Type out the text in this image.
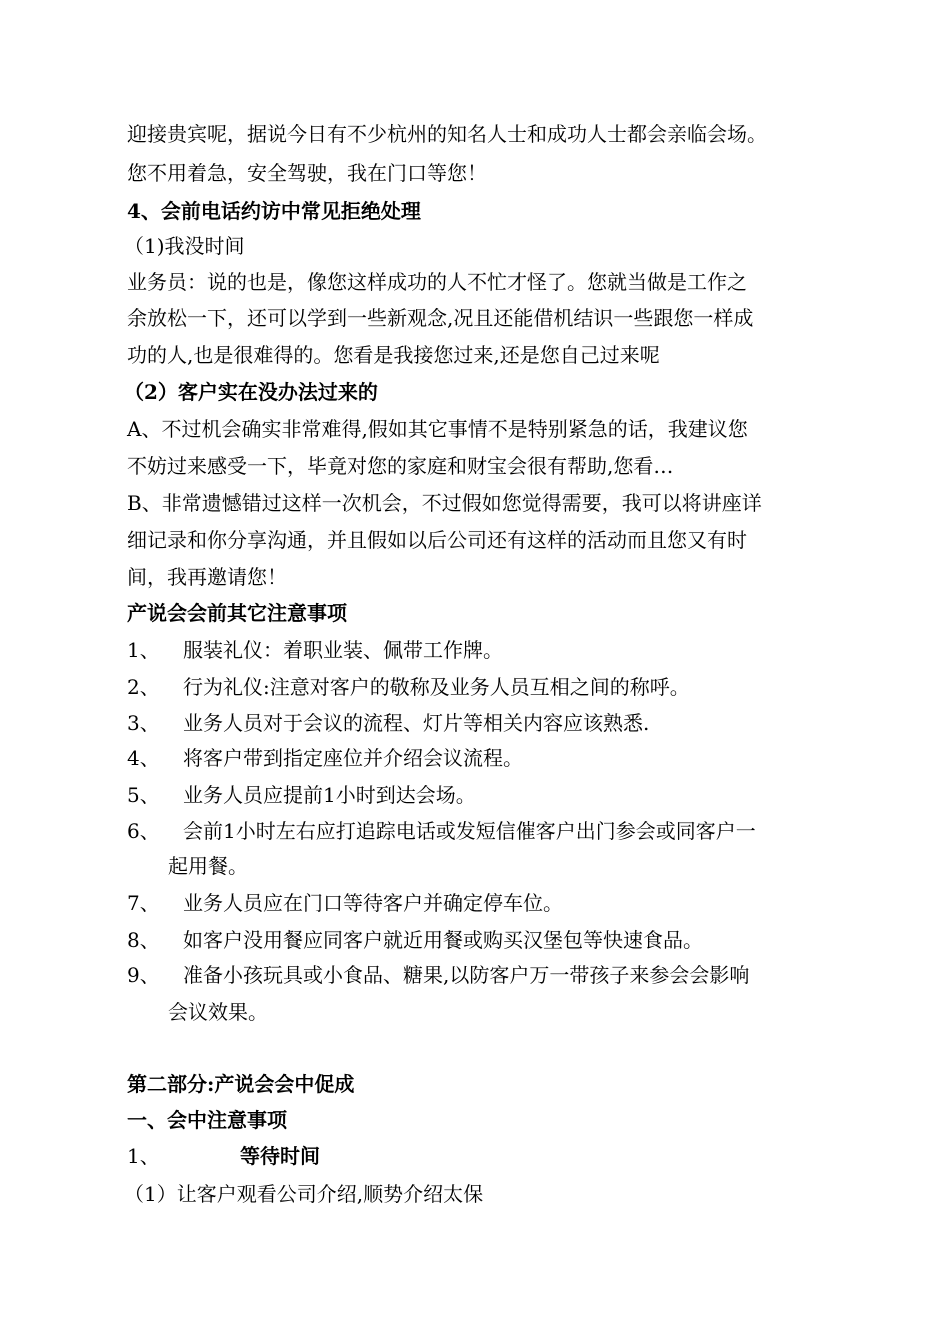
迎接贵宾呢，据说今日有不少杭州的知名人士和成功人士都会亲临会场。
您不用着急，安全驾驶，我在门口等您！
4、会前电话约访中常见拒绝处理
（1)我没时间
业务员：说的也是，像您这样成功的人不忙才怪了。您就当做是工作之
余放松一下，还可以学到一些新观念,况且还能借机结识一些跟您一样成
功的人,也是很难得的。您看是我接您过来,还是您自己过来呢
（2）客户实在没办法过来的
A、不过机会确实非常难得,假如其它事情不是特别紧急的话，我建议您
不妨过来感受一下，毕竟对您的家庭和财宝会很有帮助,您看…
B、非常遗憾错过这样一次机会，不过假如您觉得需要，我可以将讲座详
细记录和你分享沟通，并且假如以后公司还有这样的活动而且您又有时
间，我再邀请您！
产说会会前其它注意事项
1、 服装礼仪：着职业装、佩带工作牌。
2、 行为礼仪:注意对客户的敬称及业务人员互相之间的称呼。
3、 业务人员对于会议的流程、灯片等相关内容应该熟悉.
4、 将客户带到指定座位并介绍会议流程。
5、 业务人员应提前1小时到达会场。
6、 会前1小时左右应打追踪电话或发短信催客户出门参会或同客户一
起用餐。
7、 业务人员应在门口等待客户并确定停车位。
8、 如客户没用餐应同客户就近用餐或购买汉堡包等快速食品。
9、 准备小孩玩具或小食品、糖果,以防客户万一带孩子来参会会影响
会议效果。
第二部分:产说会会中促成
一、会中注意事项
1、	等待时间
（1）让客户观看公司介绍,顺势介绍太保
